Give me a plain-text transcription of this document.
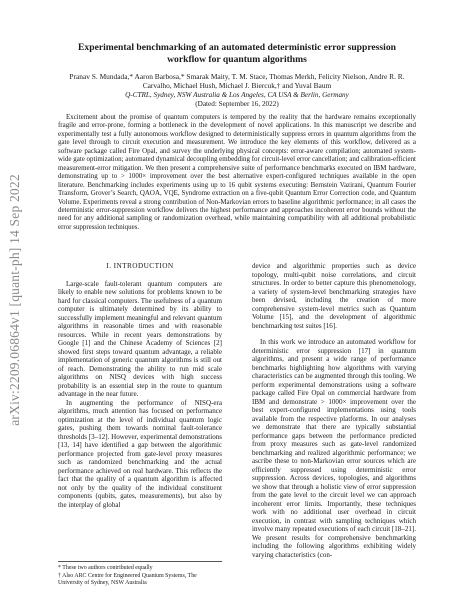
arXiv:2209.06864v1 [quant-ph] 14 Sep 2022
Experimental benchmarking of an automated deterministic error suppression workflow for quantum algorithms
Pranav S. Mundada,* Aaron Barbosa,* Smarak Maity, T. M. Stace, Thomas Merkh, Felicity Nielson, Andre R. R. Carvalho, Michael Hush, Michael J. Biercuk,† and Yuval Baum
Q-CTRL, Sydney, NSW Australia & Los Angeles, CA USA & Berlin, Germany
(Dated: September 16, 2022)

Excitement about the promise of quantum computers is tempered by the reality that the hardware remains exceptionally fragile and error-prone, forming a bottleneck in the development of novel applications. In this manuscript we describe and experimentally test a fully autonomous workflow designed to deterministically suppress errors in quantum algorithms from the gate level through to circuit execution and measurement. We introduce the key elements of this workflow, delivered as a software package called Fire Opal, and survey the underlying physical concepts: error-aware compilation; automated system-wide gate optimization; automated dynamical decoupling embedding for circuit-level error cancellation; and calibration-efficient measurement-error mitigation. We then present a comprehensive suite of performance benchmarks executed on IBM hardware, demonstrating up to > 1000× improvement over the best alternative expert-configured techniques available in the open literature. Benchmarking includes experiments using up to 16 qubit systems executing: Bernstein Vazirani, Quantum Fourier Transform, Grover’s Search, QAOA, VQE, Syndrome extraction on a five-qubit Quantum Error Correction code, and Quantum Volume. Experiments reveal a strong contribution of Non-Markovian errors to baseline algorithmic performance; in all cases the deterministic error-suppression workflow delivers the highest performance and approaches incoherent error bounds without the need for any additional sampling or randomization overhead, while maintaining compatibility with all additional probabilistic error suppression techniques.

I. INTRODUCTION

Large-scale fault-tolerant quantum computers are likely to enable new solutions for problems known to be hard for classical computers. The usefulness of a quantum computer is ultimately determined by its ability to successfully implement meaningful and relevant quantum algorithms in reasonable times and with reasonable resources. While in recent years demonstrations by Google [1] and the Chinese Academy of Sciences [2] showed first steps toward quantum advantage, a reliable implementation of generic quantum algorithms is still out of reach. Demonstrating the ability to run mid scale algorithms on NISQ devices with high success probability is an essential step in the route to quantum advantage in the near future.

In augmenting the performance of NISQ-era algorithms, much attention has focused on performance optimization at the level of individual quantum logic gates, pushing them towards nominal fault-tolerance thresholds [3–12]. However, experimental demonstrations [13, 14] have identified a gap between the algorithmic performance projected from gate-level proxy measures such as randomized benchmarking and the actual performance achieved on real hardware. This reflects the fact that the quality of a quantum algorithm is affected not only by the quality of the individual constituent components (qubits, gates, measurements), but also by the interplay of global

device and algorithmic properties such as device topology, multi-qubit noise correlations, and circuit structures. In order to better capture this phenomenology, a variety of system-level benchmarking strategies have been devised, including the creation of more comprehensive system-level metrics such as Quantum Volume [15], and the development of algorithmic benchmarking test suites [16].

In this work we introduce an automated workflow for deterministic error suppression [17] in quantum algorithms, and present a wide range of performance benchmarks highlighting how algorithms with varying characteristics can be augmented through this tooling. We perform experimental demonstrations using a software package called Fire Opal on commercial hardware from IBM and demonstrate > 1000× improvement over the best expert-configured implementations using tools available from the respective platforms. In our analyses we demonstrate that there are typically substantial performance gaps between the performance predicted from proxy measures such as gate-level randomized benchmarking and realized algorithmic performance; we ascribe these to non-Markovian error sources which are efficiently suppressed using deterministic error suppression. Across devices, topologies, and algorithms we show that through a holistic view of error suppression from the gate level to the circuit level we can approach incoherent error limits. Importantly, these techniques work with no additional user overhead in circuit execution, in contrast with sampling techniques which involve many repeated executions of each circuit [18–21]. We present results for comprehensive benchmarking including the following algorithms exhibiting widely varying characteristics (con-

* These two authors contributed equally
† Also ARC Centre for Engineered Quantum Systems, The University of Sydney, NSW Australia
